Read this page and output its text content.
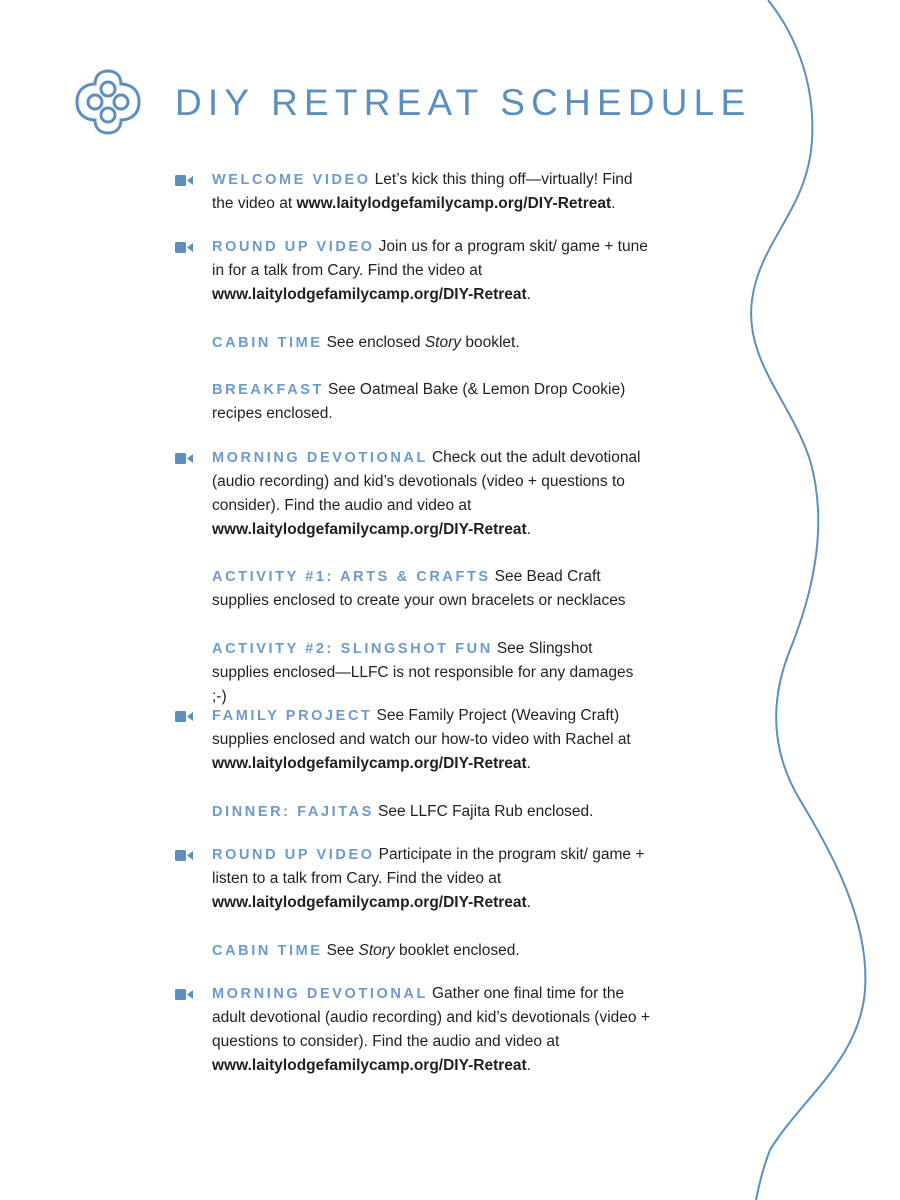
DIY RETREAT SCHEDULE
WELCOME VIDEO Let’s kick this thing off—virtually! Find the video at www.laitylodgefamilycamp.org/DIY-Retreat.
ROUND UP VIDEO Join us for a program skit/ game + tune in for a talk from Cary. Find the video at www.laitylodgefamilycamp.org/DIY-Retreat.
CABIN TIME See enclosed Story booklet.
BREAKFAST See Oatmeal Bake (& Lemon Drop Cookie) recipes enclosed.
MORNING DEVOTIONAL Check out the adult devotional (audio recording) and kid’s devotionals (video + questions to consider). Find the audio and video at www.laitylodgefamilycamp.org/DIY-Retreat.
ACTIVITY #1: ARTS & CRAFTS See Bead Craft supplies enclosed to create your own bracelets or necklaces
ACTIVITY #2: SLINGSHOT FUN See Slingshot supplies enclosed—LLFC is not responsible for any damages ;-)
FAMILY PROJECT See Family Project (Weaving Craft) supplies enclosed and watch our how-to video with Rachel at www.laitylodgefamilycamp.org/DIY-Retreat.
DINNER: FAJITAS See LLFC Fajita Rub enclosed.
ROUND UP VIDEO Participate in the program skit/ game + listen to a talk from Cary. Find the video at www.laitylodgefamilycamp.org/DIY-Retreat.
CABIN TIME See Story booklet enclosed.
MORNING DEVOTIONAL Gather one final time for the adult devotional (audio recording) and kid’s devotionals (video + questions to consider). Find the audio and video at www.laitylodgefamilycamp.org/DIY-Retreat.
